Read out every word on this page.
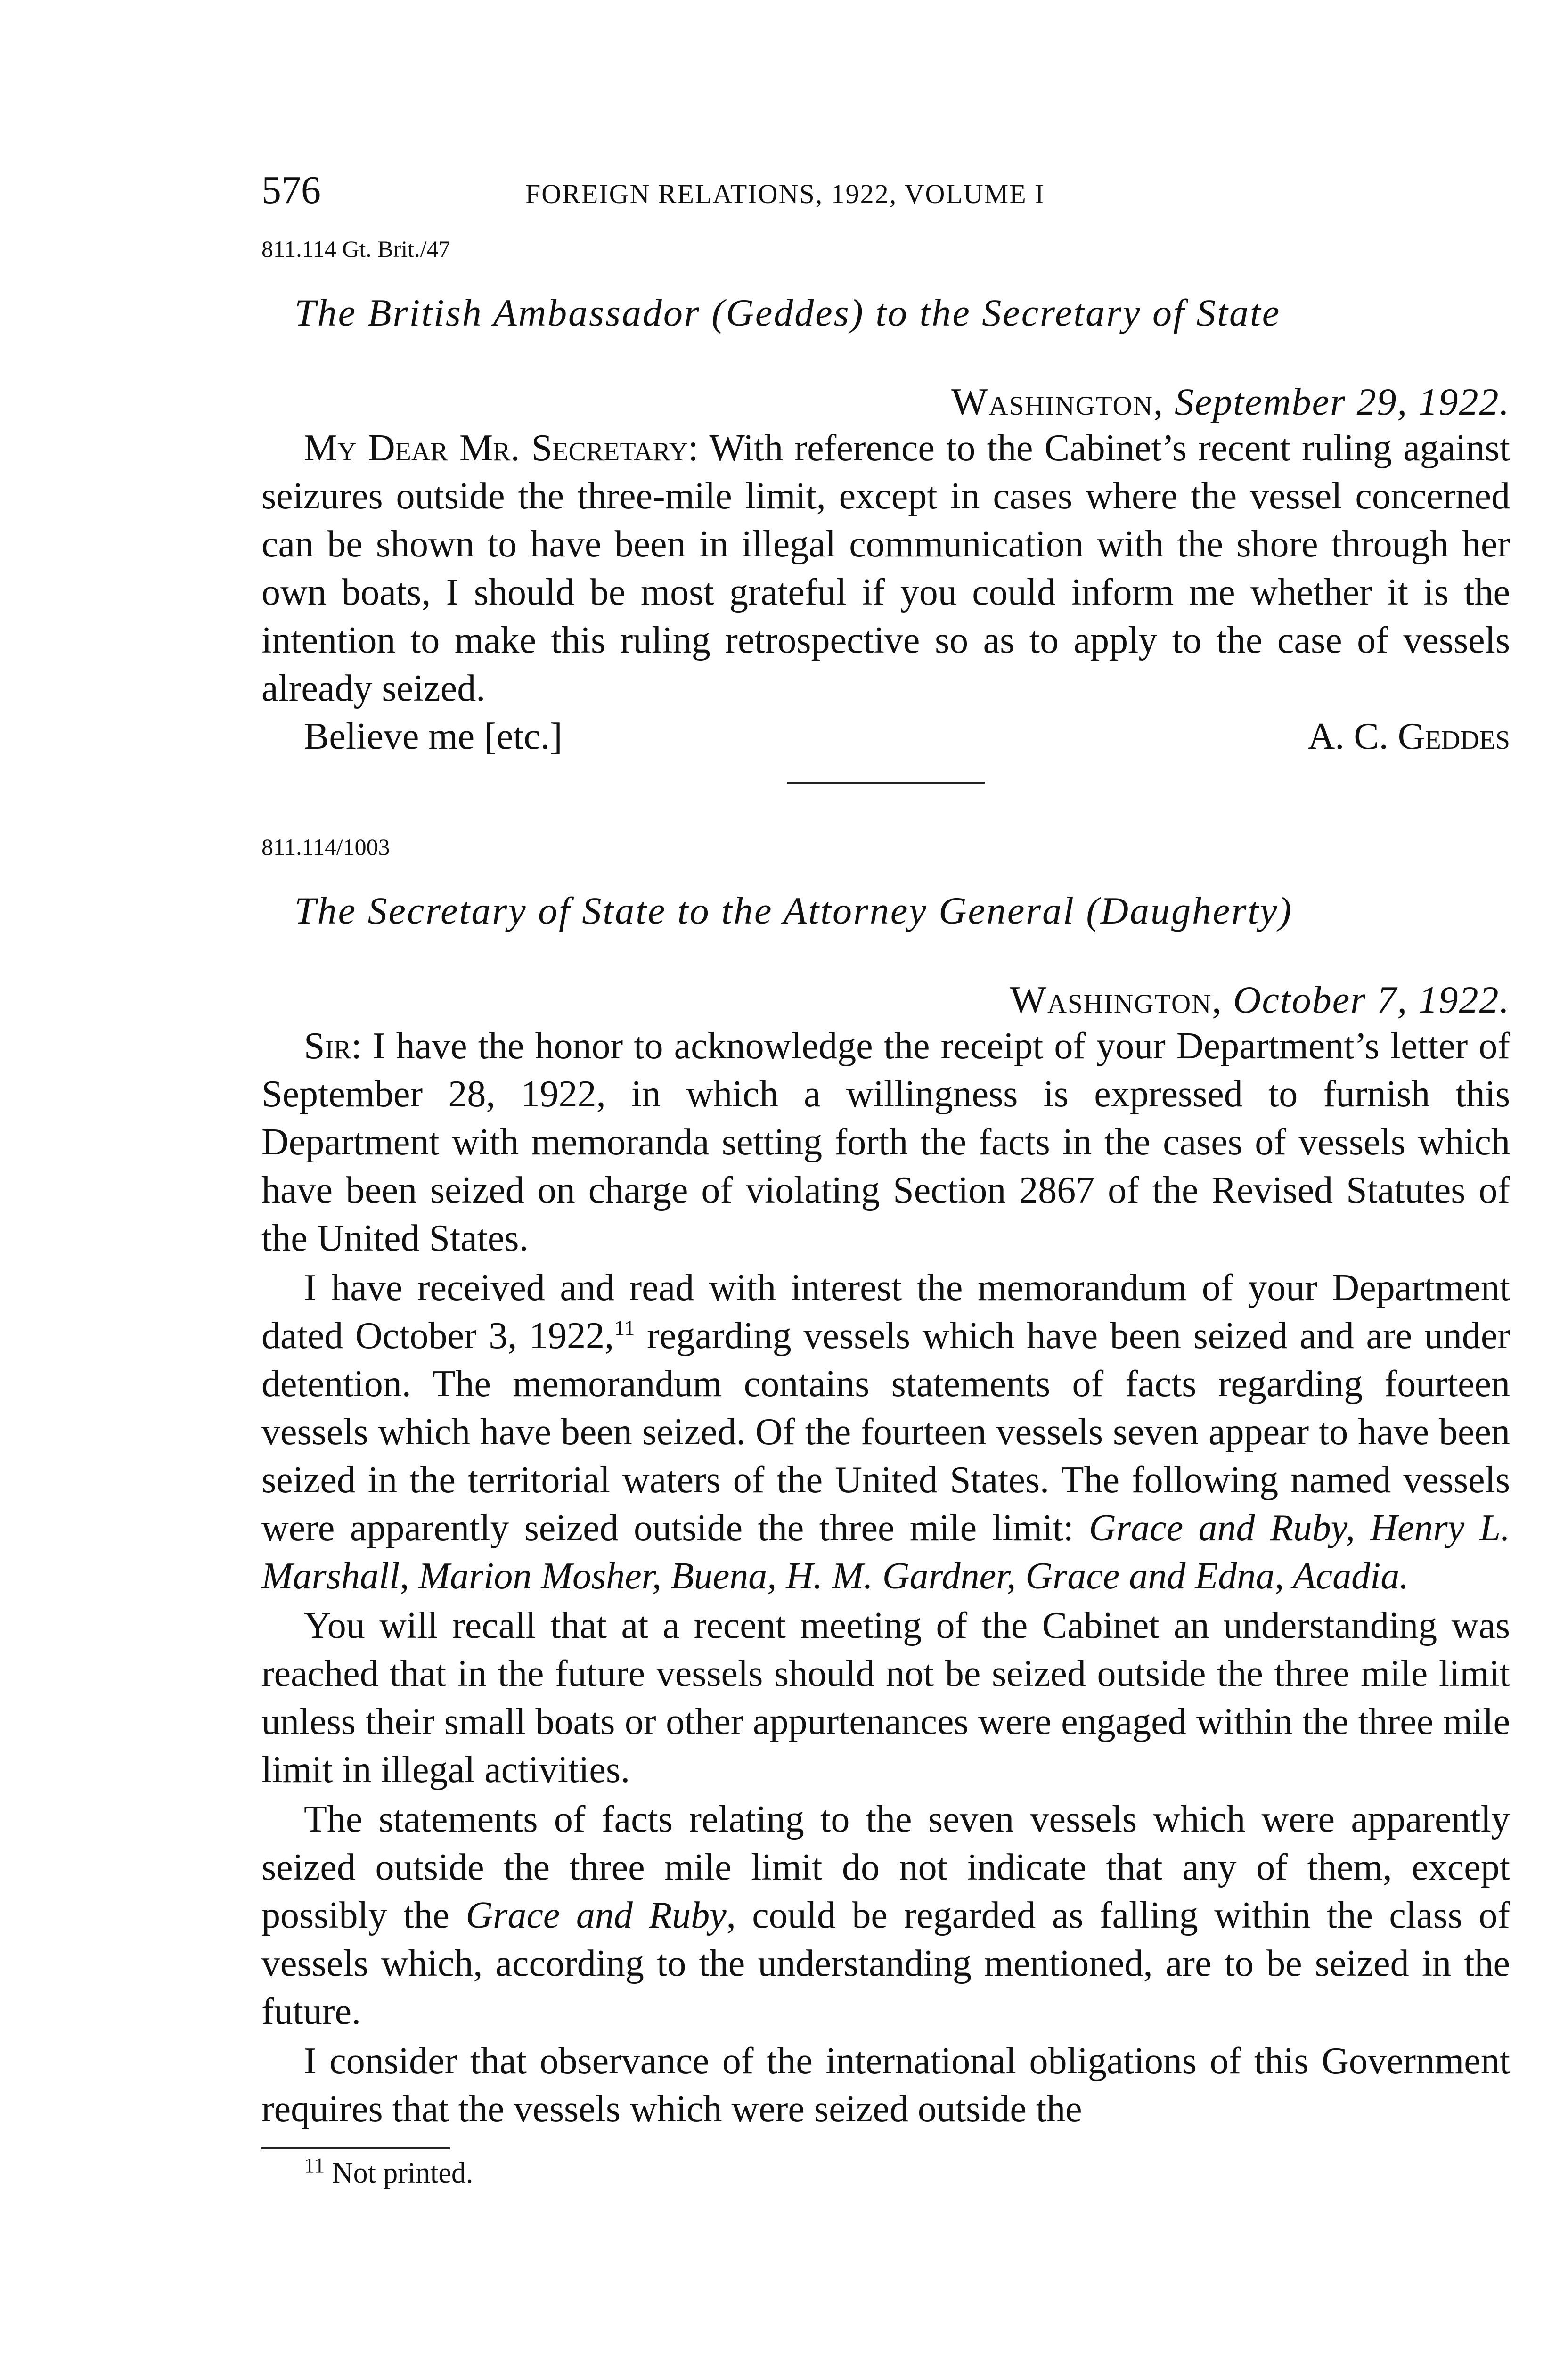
576	FOREIGN RELATIONS, 1922, VOLUME I
811.114 Gt. Brit./47
The British Ambassador (Geddes) to the Secretary of State
Washington, September 29, 1922.

My Dear Mr. Secretary: With reference to the Cabinet’s recent ruling against seizures outside the three-mile limit, except in cases where the vessel concerned can be shown to have been in illegal communication with the shore through her own boats, I should be most grateful if you could inform me whether it is the intention to make this ruling retrospective so as to apply to the case of vessels already seized.

Believe me [etc.]	A. C. Geddes
811.114/1003
The Secretary of State to the Attorney General (Daugherty)
Washington, October 7, 1922.

Sir: I have the honor to acknowledge the receipt of your Department’s letter of September 28, 1922, in which a willingness is expressed to furnish this Department with memoranda setting forth the facts in the cases of vessels which have been seized on charge of violating Section 2867 of the Revised Statutes of the United States.

I have received and read with interest the memorandum of your Department dated October 3, 1922,11 regarding vessels which have been seized and are under detention. The memorandum contains statements of facts regarding fourteen vessels which have been seized. Of the fourteen vessels seven appear to have been seized in the territorial waters of the United States. The following named vessels were apparently seized outside the three mile limit: Grace and Ruby, Henry L. Marshall, Marion Mosher, Buena, H. M. Gardner, Grace and Edna, Acadia.

You will recall that at a recent meeting of the Cabinet an understanding was reached that in the future vessels should not be seized outside the three mile limit unless their small boats or other appurtenances were engaged within the three mile limit in illegal activities.

The statements of facts relating to the seven vessels which were apparently seized outside the three mile limit do not indicate that any of them, except possibly the Grace and Ruby, could be regarded as falling within the class of vessels which, according to the understanding mentioned, are to be seized in the future.

I consider that observance of the international obligations of this Government requires that the vessels which were seized outside the

$^{11}$ Not printed.
